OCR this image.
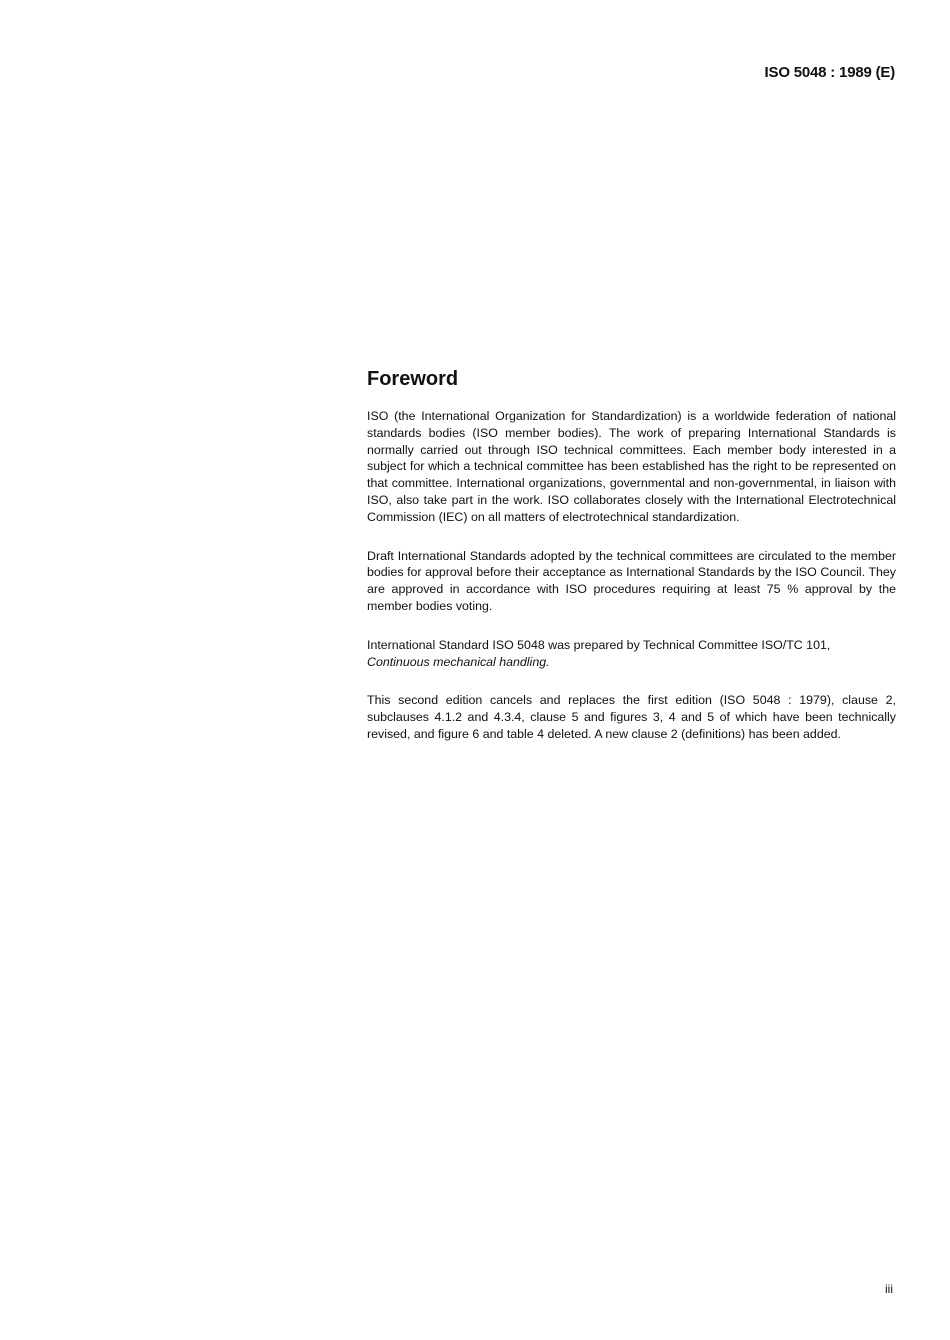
ISO 5048 : 1989 (E)
Foreword

ISO (the International Organization for Standardization) is a worldwide federation of national standards bodies (ISO member bodies). The work of preparing International Standards is normally carried out through ISO technical committees. Each member body interested in a subject for which a technical committee has been established has the right to be represented on that committee. International organizations, governmental and non-governmental, in liaison with ISO, also take part in the work. ISO collaborates closely with the International Electrotechnical Commission (IEC) on all matters of electrotechnical standardization.

Draft International Standards adopted by the technical committees are circulated to the member bodies for approval before their acceptance as International Standards by the ISO Council. They are approved in accordance with ISO procedures requiring at least 75 % approval by the member bodies voting.

International Standard ISO 5048 was prepared by Technical Committee ISO/TC 101,
Continuous mechanical handling.

This second edition cancels and replaces the first edition (ISO 5048 : 1979), clause 2, subclauses 4.1.2 and 4.3.4, clause 5 and figures 3, 4 and 5 of which have been technically revised, and figure 6 and table 4 deleted. A new clause 2 (definitions) has been added.

iii
